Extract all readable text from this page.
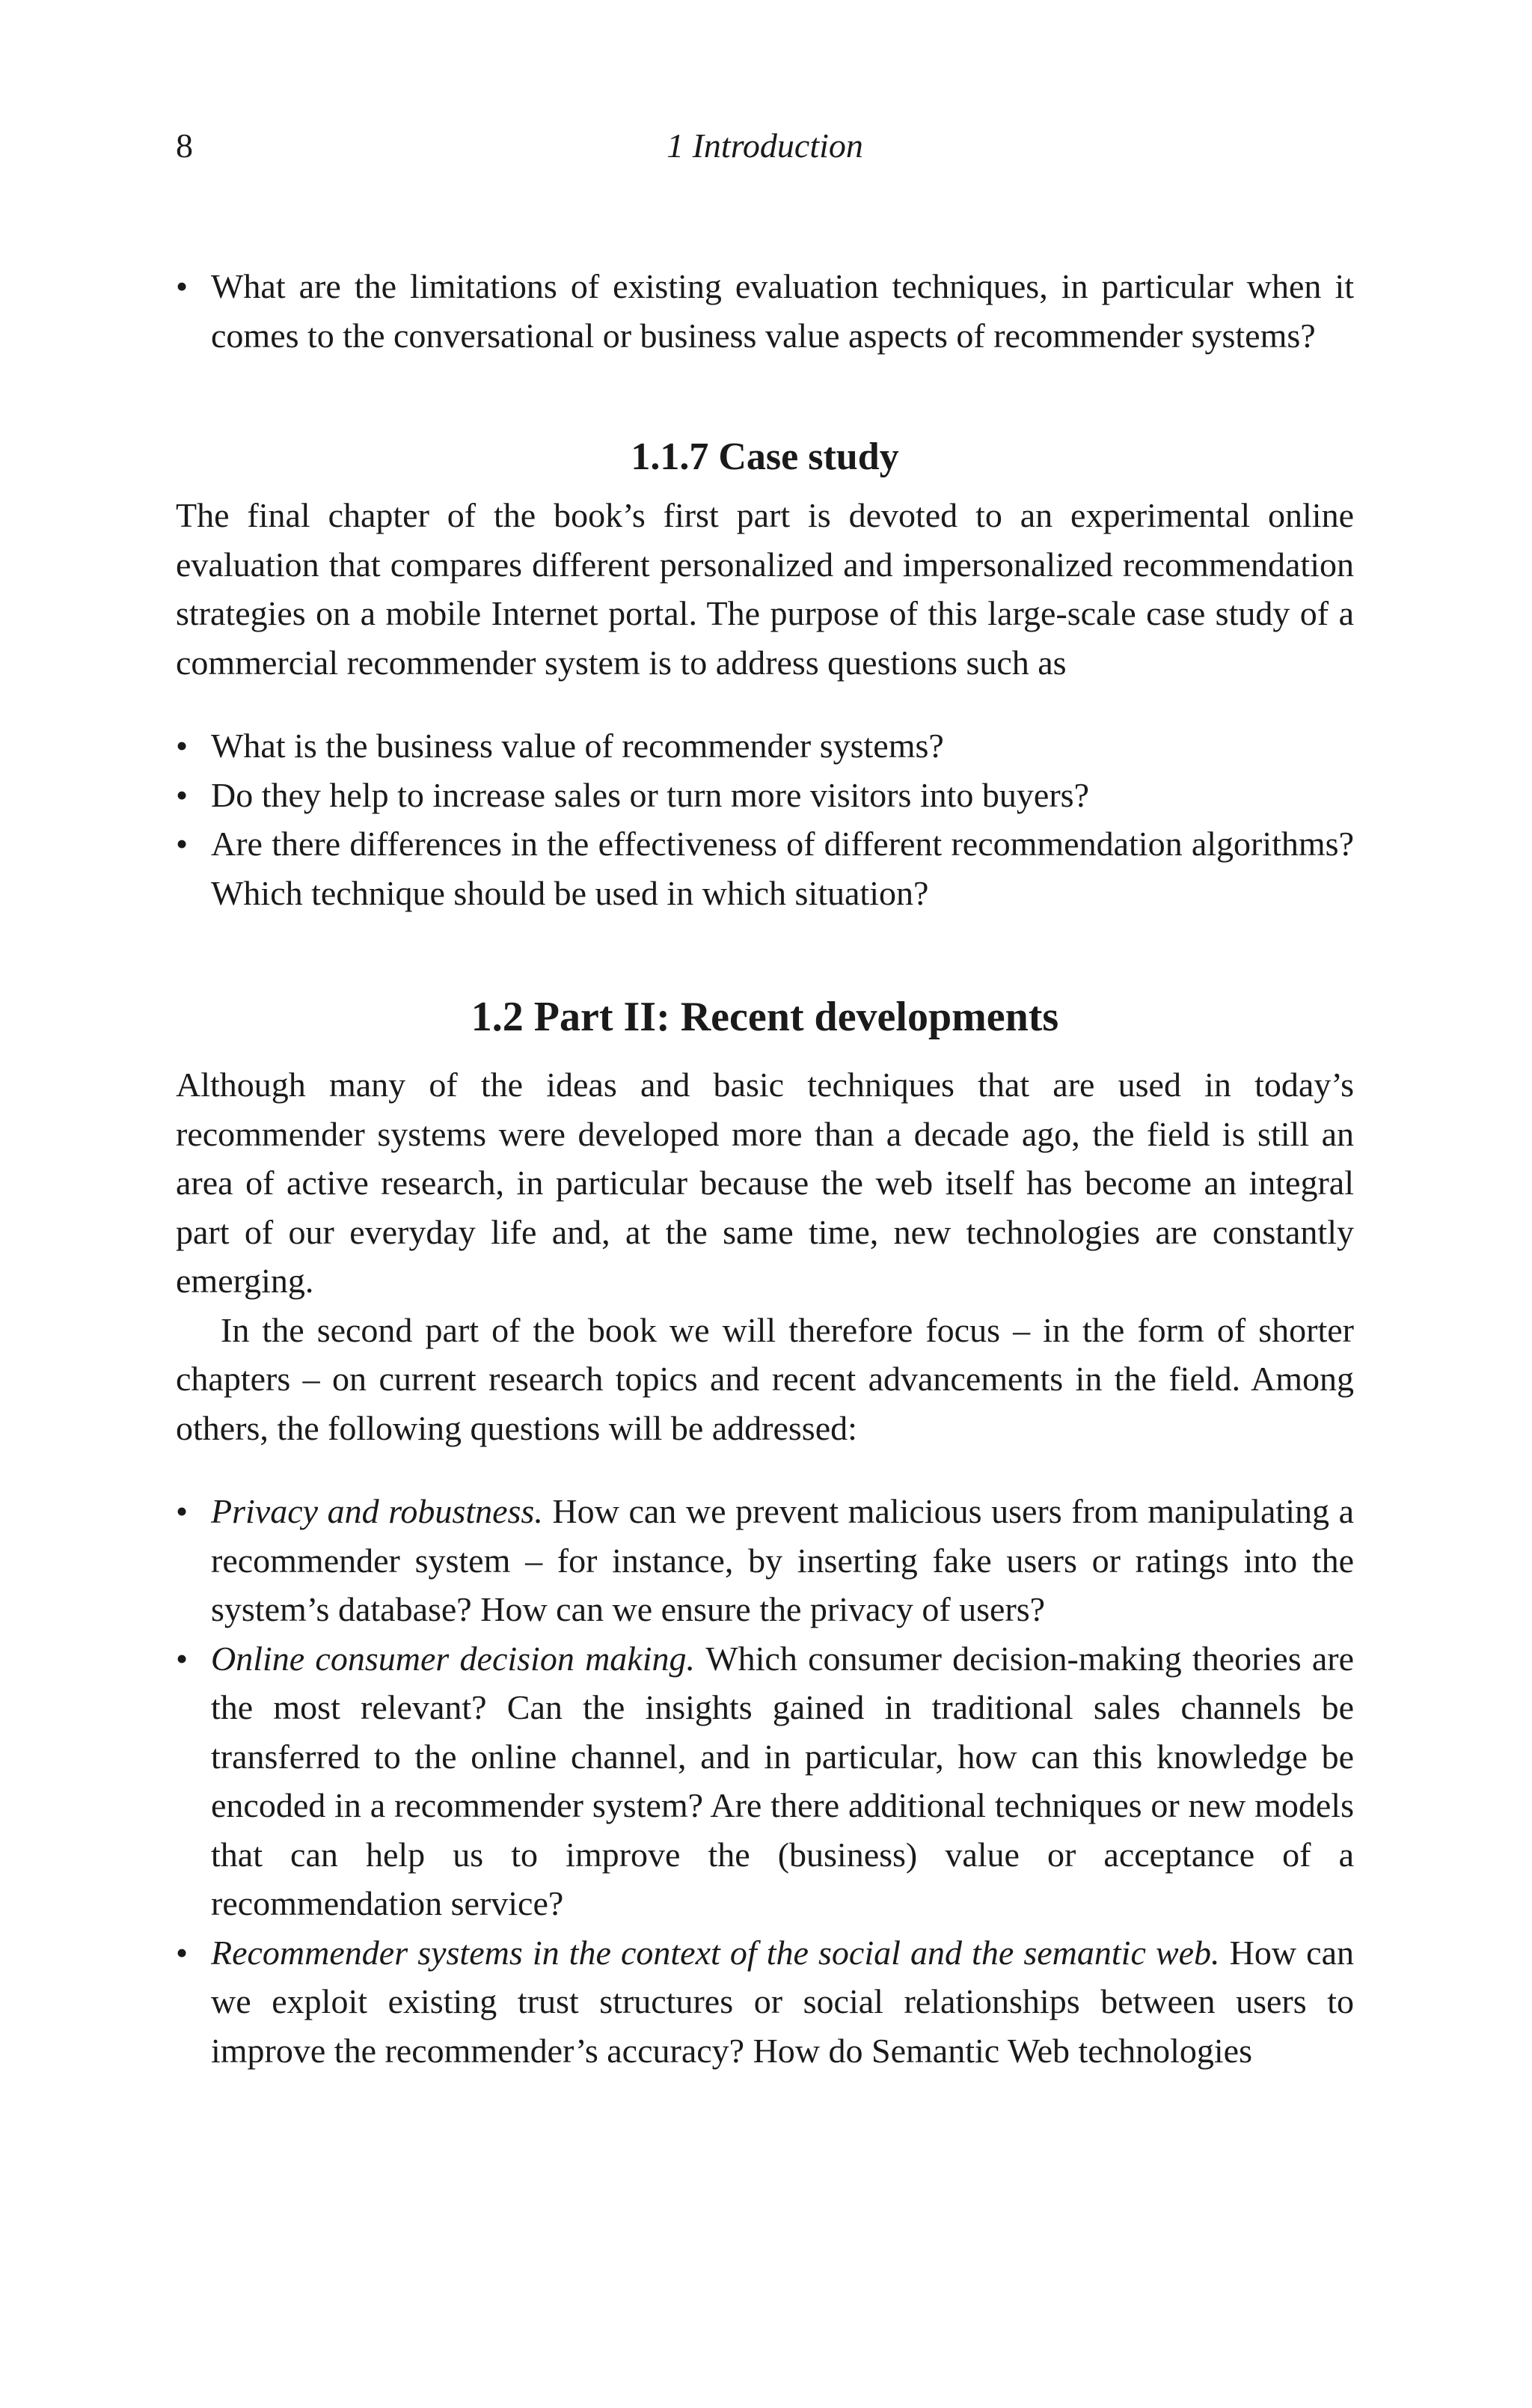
8	1 Introduction
• What are the limitations of existing evaluation techniques, in particular when it comes to the conversational or business value aspects of recommender systems?
1.1.7 Case study

The final chapter of the book’s first part is devoted to an experimental online evaluation that compares different personalized and impersonalized recommendation strategies on a mobile Internet portal. The purpose of this large-scale case study of a commercial recommender system is to address questions such as

• What is the business value of recommender systems?
• Do they help to increase sales or turn more visitors into buyers?
• Are there differences in the effectiveness of different recommendation algorithms? Which technique should be used in which situation?
1.2 Part II: Recent developments

Although many of the ideas and basic techniques that are used in today’s recommender systems were developed more than a decade ago, the field is still an area of active research, in particular because the web itself has become an integral part of our everyday life and, at the same time, new technologies are constantly emerging.

In the second part of the book we will therefore focus – in the form of shorter chapters – on current research topics and recent advancements in the field. Among others, the following questions will be addressed:

• Privacy and robustness. How can we prevent malicious users from manipulating a recommender system – for instance, by inserting fake users or ratings into the system’s database? How can we ensure the privacy of users?
• Online consumer decision making. Which consumer decision-making theories are the most relevant? Can the insights gained in traditional sales channels be transferred to the online channel, and in particular, how can this knowledge be encoded in a recommender system? Are there additional techniques or new models that can help us to improve the (business) value or acceptance of a recommendation service?
• Recommender systems in the context of the social and the semantic web. How can we exploit existing trust structures or social relationships between users to improve the recommender’s accuracy? How do Semantic Web technologies
